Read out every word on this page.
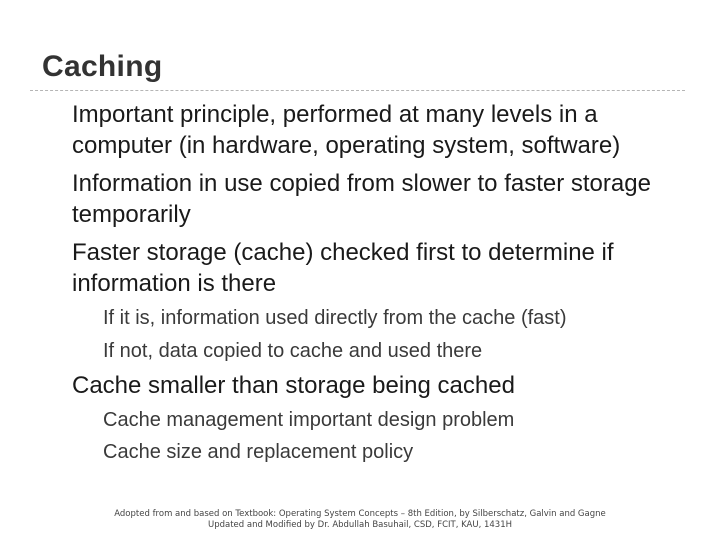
Caching
Important principle, performed at many levels in a computer (in hardware, operating system, software)
Information in use copied from slower to faster storage temporarily
Faster storage (cache) checked first to determine if information is there
If it is, information used directly from the cache (fast)
If not, data copied to cache and used there
Cache smaller than storage being cached
Cache management important design problem
Cache size and replacement policy
Adopted from and based on Textbook: Operating System Concepts – 8th Edition, by Silberschatz, Galvin and Gagne
Updated and Modified by Dr. Abdullah Basuhail, CSD, FCIT, KAU, 1431H
